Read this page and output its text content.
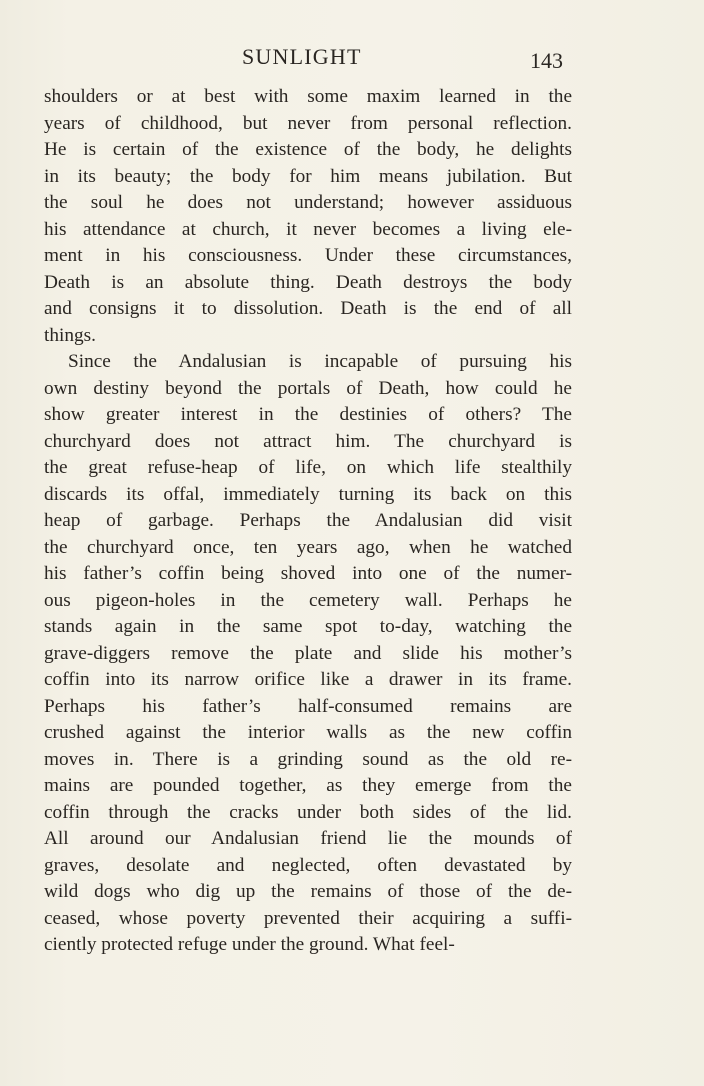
SUNLIGHT	143

shoulders or at best with some maxim learned in the
years of childhood, but never from personal reflection.
He is certain of the existence of the body, he delights
in its beauty; the body for him means jubilation. But
the soul he does not understand; however assiduous
his attendance at church, it never becomes a living ele-
ment in his consciousness. Under these circumstances,
Death is an absolute thing. Death destroys the body
and consigns it to dissolution. Death is the end of all
things.

Since the Andalusian is incapable of pursuing his
own destiny beyond the portals of Death, how could he
show greater interest in the destinies of others? The
churchyard does not attract him. The churchyard is
the great refuse-heap of life, on which life stealthily
discards its offal, immediately turning its back on this
heap of garbage. Perhaps the Andalusian did visit
the churchyard once, ten years ago, when he watched
his father’s coffin being shoved into one of the numer-
ous pigeon-holes in the cemetery wall. Perhaps he
stands again in the same spot to-day, watching the
grave-diggers remove the plate and slide his mother’s
coffin into its narrow orifice like a drawer in its frame.
Perhaps his father’s half-consumed remains are
crushed against the interior walls as the new coffin
moves in. There is a grinding sound as the old re-
mains are pounded together, as they emerge from the
coffin through the cracks under both sides of the lid.
All around our Andalusian friend lie the mounds of
graves, desolate and neglected, often devastated by
wild dogs who dig up the remains of those of the de-
ceased, whose poverty prevented their acquiring a suffi-
ciently protected refuge under the ground. What feel-
